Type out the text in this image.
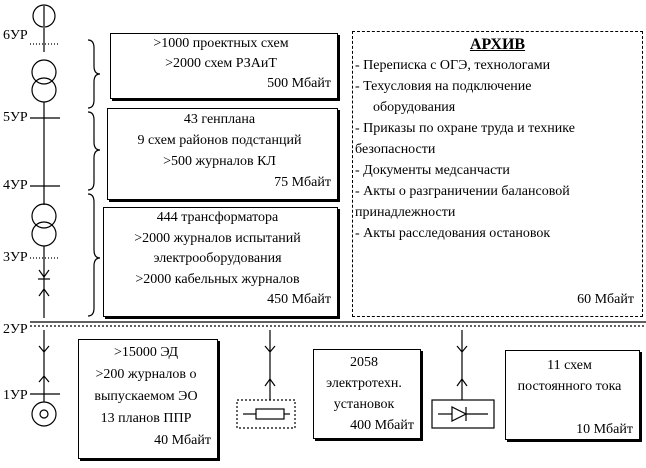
6УР
5УР
4УР
3УР
2УР
1УР
>1000 проектных схем
>2000 схем РЗАиТ
500 Мбайт
43 генплана
9 схем районов подстанций
>500 журналов КЛ
75 Мбайт
444 трансформатора
>2000 журналов испытаний
электрооборудования
>2000 кабельных журналов
450 Мбайт
>15000 ЭД
>200 журналов о
выпускаемом ЭО
13 планов ППР
40 Мбайт
2058
электротехн.
установок
400 Мбайт
11 схем
постоянного тока
10 Мбайт
АРХИВ
- Переписка с ОГЭ, технологами
- Техусловия на подключение
оборудования
- Приказы по охране труда и технике
безопасности
- Документы медсанчасти
- Акты о разграничении балансовой
принадлежности
- Акты расследования остановок
60 Мбайт
